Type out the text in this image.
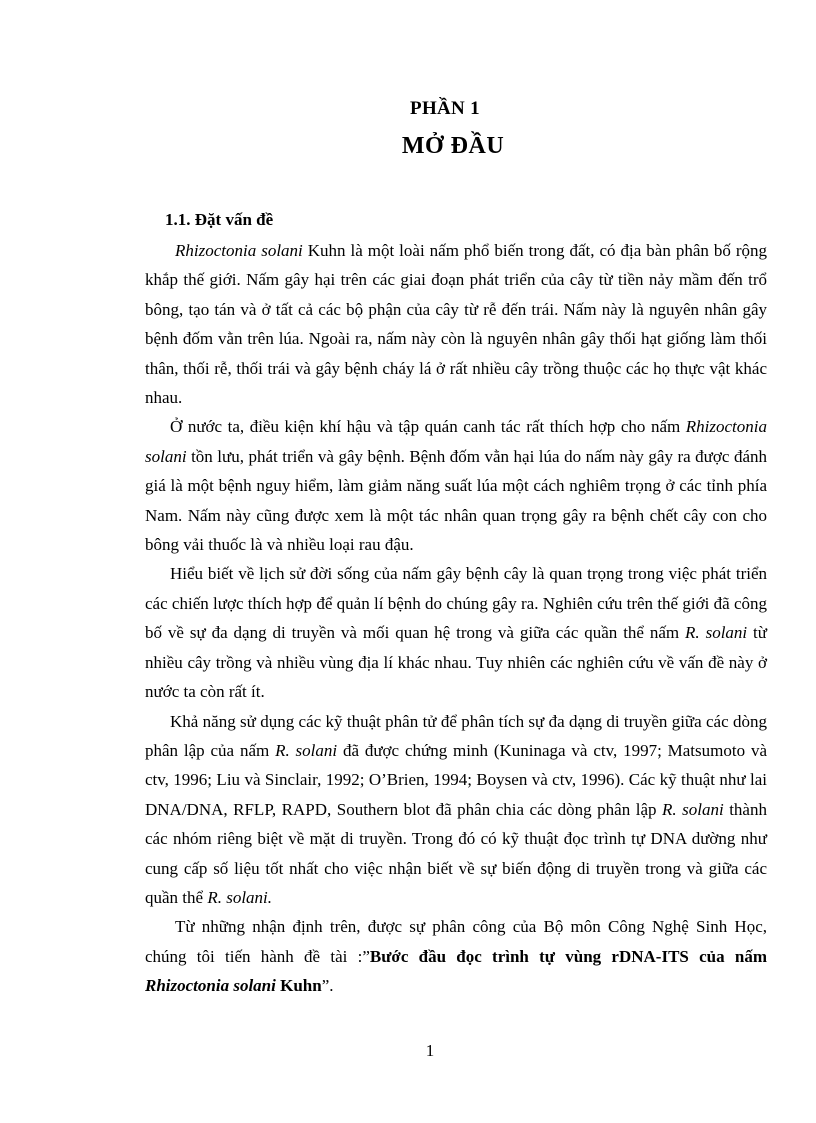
PHẦN 1
MỞ ĐẦU
1.1. Đặt vấn đề

Rhizoctonia solani Kuhn là một loài nấm phổ biến trong đất, có địa bàn phân bố rộng khắp thế giới. Nấm gây hại trên các giai đoạn phát triển của cây từ tiền nảy mầm đến trổ bông, tạo tán và ở tất cả các bộ phận của cây từ rễ đến trái. Nấm này là nguyên nhân gây bệnh đốm vằn trên lúa. Ngoài ra, nấm này còn là nguyên nhân gây thối hạt giống làm thối thân, thối rễ, thối trái và gây bệnh cháy lá ở rất nhiều cây trồng thuộc các họ thực vật khác nhau.

Ở nước ta, điều kiện khí hậu và tập quán canh tác rất thích hợp cho nấm Rhizoctonia solani tồn lưu, phát triển và gây bệnh. Bệnh đốm vằn hại lúa do nấm này gây ra được đánh giá là một bệnh nguy hiểm, làm giảm năng suất lúa một cách nghiêm trọng ở các tỉnh phía Nam. Nấm này cũng được xem là một tác nhân quan trọng gây ra bệnh chết cây con cho bông vải thuốc là và nhiều loại rau đậu.

Hiểu biết về lịch sử đời sống của nấm gây bệnh cây là quan trọng trong việc phát triển các chiến lược thích hợp để quản lí bệnh do chúng gây ra. Nghiên cứu trên thế giới đã công bố về sự đa dạng di truyền và mối quan hệ trong và giữa các quần thể nấm R. solani từ nhiều cây trồng và nhiều vùng địa lí khác nhau. Tuy nhiên các nghiên cứu về vấn đề này ở nước ta còn rất ít.

Khả năng sử dụng các kỹ thuật phân tử để phân tích sự đa dạng di truyền giữa các dòng phân lập của nấm R. solani đã được chứng minh (Kuninaga và ctv, 1997; Matsumoto và ctv, 1996; Liu và Sinclair, 1992; O’Brien, 1994; Boysen và ctv, 1996). Các kỹ thuật như lai DNA/DNA, RFLP, RAPD, Southern blot đã phân chia các dòng phân lập R. solani thành các nhóm riêng biệt về mặt di truyền. Trong đó có kỹ thuật đọc trình tự DNA dường như cung cấp số liệu tốt nhất cho việc nhận biết về sự biến động di truyền trong và giữa các quần thể R. solani.

Từ những nhận định trên, được sự phân công của Bộ môn Công Nghệ Sinh Học, chúng tôi tiến hành đề tài :”Bước đầu đọc trình tự vùng rDNA-ITS của nấm Rhizoctonia solani Kuhn”.

1
